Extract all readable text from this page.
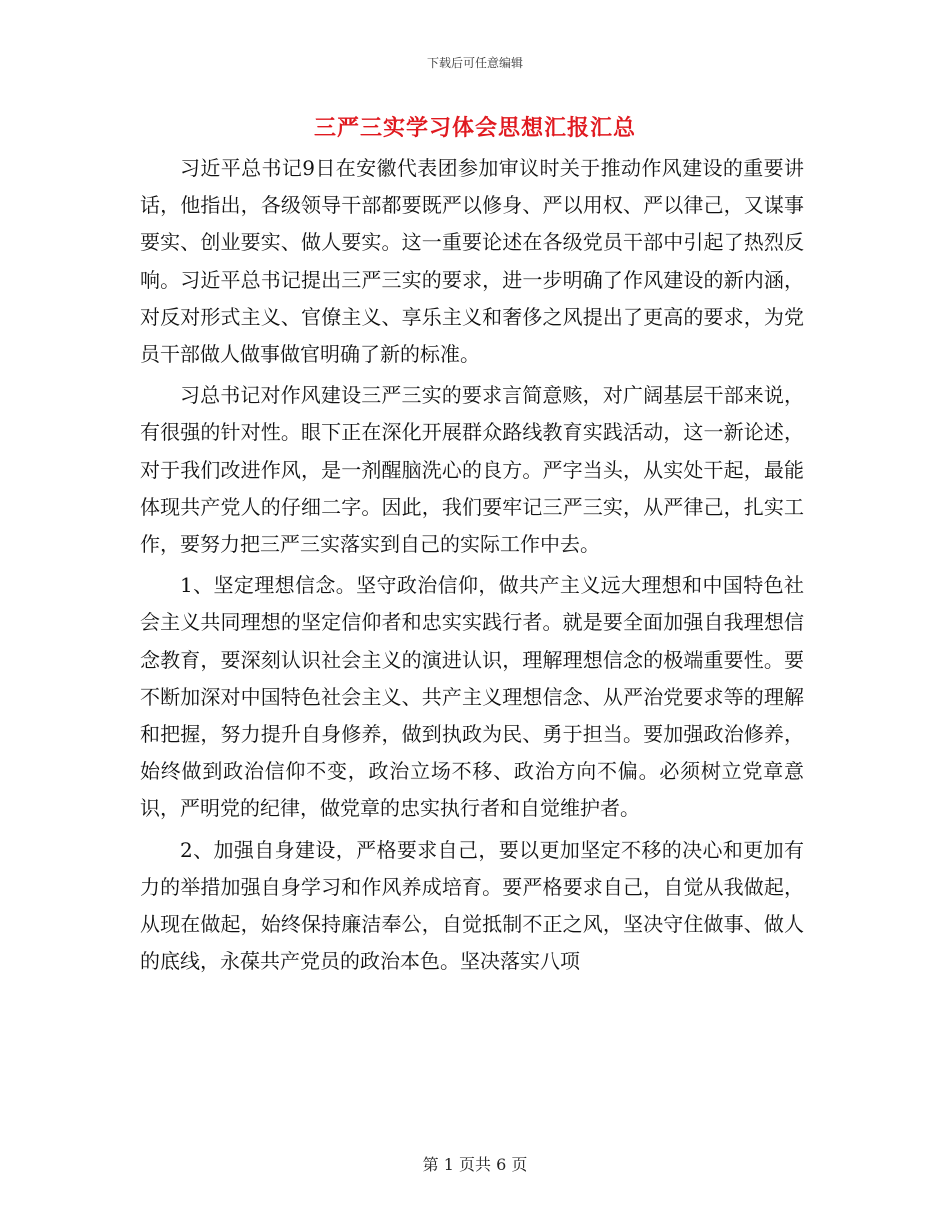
下载后可任意编辑
三严三实学习体会思想汇报汇总

习近平总书记9日在安徽代表团参加审议时关于推动作风建设的重要讲话，他指出，各级领导干部都要既严以修身、严以用权、严以律己，又谋事要实、创业要实、做人要实。这一重要论述在各级党员干部中引起了热烈反响。习近平总书记提出三严三实的要求，进一步明确了作风建设的新内涵，对反对形式主义、官僚主义、享乐主义和奢侈之风提出了更高的要求，为党员干部做人做事做官明确了新的标准。

习总书记对作风建设三严三实的要求言简意赅，对广阔基层干部来说，有很强的针对性。眼下正在深化开展群众路线教育实践活动，这一新论述，对于我们改进作风，是一剂醒脑洗心的良方。严字当头，从实处干起，最能体现共产党人的仔细二字。因此，我们要牢记三严三实，从严律己，扎实工作，要努力把三严三实落实到自己的实际工作中去。

1、坚定理想信念。坚守政治信仰，做共产主义远大理想和中国特色社会主义共同理想的坚定信仰者和忠实实践行者。就是要全面加强自我理想信念教育，要深刻认识社会主义的演进认识，理解理想信念的极端重要性。要不断加深对中国特色社会主义、共产主义理想信念、从严治党要求等的理解和把握，努力提升自身修养，做到执政为民、勇于担当。要加强政治修养，始终做到政治信仰不变，政治立场不移、政治方向不偏。必须树立党章意识，严明党的纪律，做党章的忠实执行者和自觉维护者。

2、加强自身建设，严格要求自己，要以更加坚定不移的决心和更加有力的举措加强自身学习和作风养成培育。要严格要求自己，自觉从我做起，从现在做起，始终保持廉洁奉公，自觉抵制不正之风，坚决守住做事、做人的底线，永葆共产党员的政治本色。坚决落实八项

第 1 页共 6 页
